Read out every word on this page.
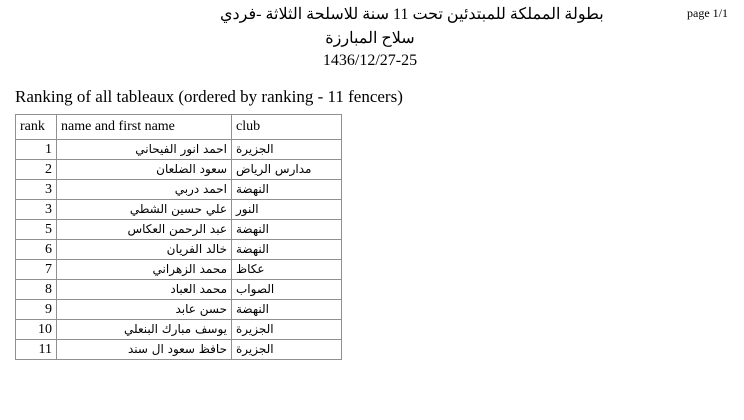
بطولة المملكة للمبتدئين تحت 11 سنة للاسلحة الثلاثة -فردي
سلاح المبارزة
1436/12/27-25
page 1/1
Ranking of all tableaux (ordered by ranking - 11 fencers)
rank	name and first name	club
1	احمد انور الفيحاني	الجزيرة
2	سعود الضلعان	مدارس الرياض
3	احمد دربي	النهضة
3	علي حسين الشطي	النور
5	عبد الرحمن العكاس	النهضة
6	خالد الفريان	النهضة
7	محمد الزهراني	عكاظ
8	محمد العباد	الصواب
9	حسن عابد	النهضة
10	يوسف مبارك البنعلي	الجزيرة
11	حافظ سعود ال سند	الجزيرة
